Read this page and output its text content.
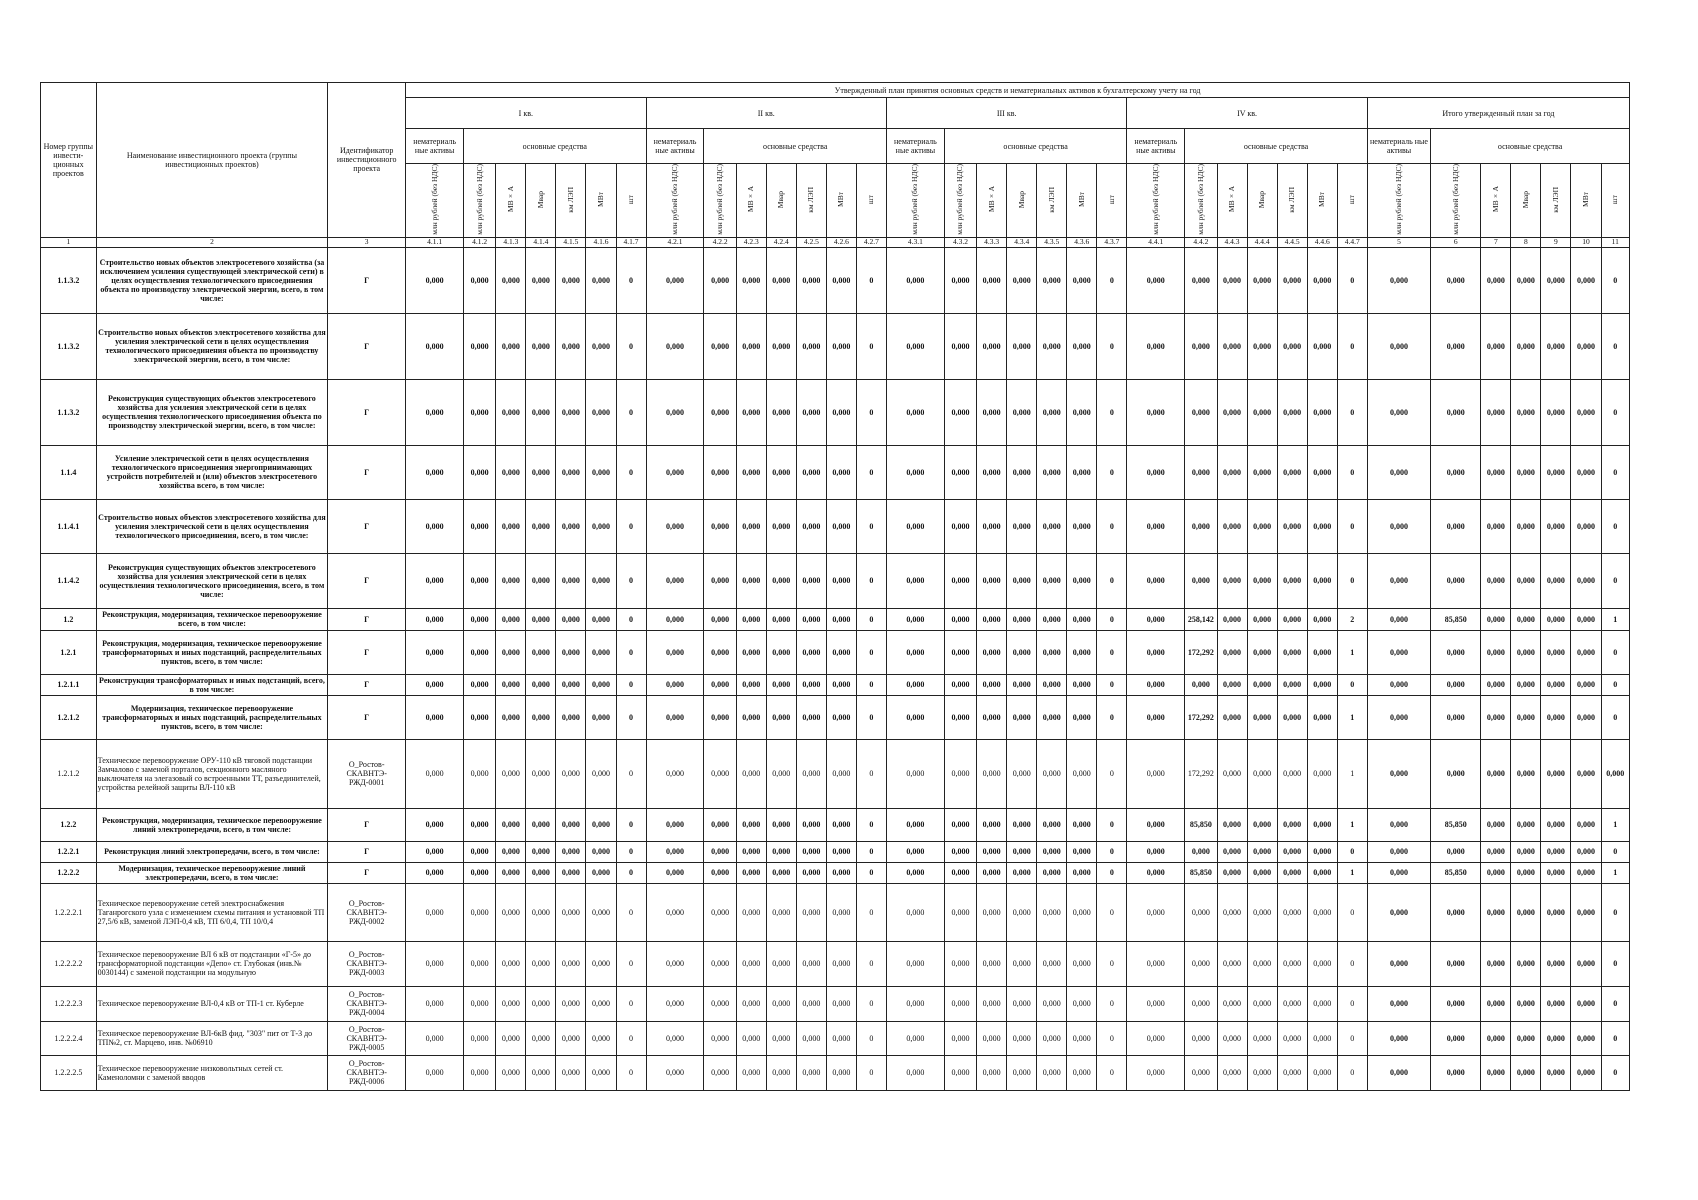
Номер группы инвести-ционных проектов	Наименование инвестиционного проекта (группы инвестиционных проектов)	Идентификатор инвестиционного проекта	Утвержденный план принятия основных средств и нематериальных активов к бухгалтерскому учету на год																																		
			I кв.							II кв.							III кв.							IV кв.							Итого утвержденный план за год						
			нематериаль ные активы	основные средства						нематериаль ные активы	основные средства						нематериаль ные активы	основные средства						нематериаль ные активы	основные средства						нематериаль ные активы	основные средства					
			млн рублей (без НДС)	млн рублей (без НДС)	МВ×А	Мвар	км ЛЭП	МВт	шт	млн рублей (без НДС)	млн рублей (без НДС)	МВ×А	Мвар	км ЛЭП	МВт	шт	млн рублей (без НДС)	млн рублей (без НДС)	МВ×А	Мвар	км ЛЭП	МВт	шт	млн рублей (без НДС)	млн рублей (без НДС)	МВ×А	Мвар	км ЛЭП	МВт	шт	млн рублей (без НДС)	млн рублей (без НДС)	МВ×А	Мвар	км ЛЭП	МВт	шт
1	2	3	4.1.1	4.1.2	4.1.3	4.1.4	4.1.5	4.1.6	4.1.7	4.2.1	4.2.2	4.2.3	4.2.4	4.2.5	4.2.6	4.2.7	4.3.1	4.3.2	4.3.3	4.3.4	4.3.5	4.3.6	4.3.7	4.4.1	4.4.2	4.4.3	4.4.4	4.4.5	4.4.6	4.4.7	5	6	7	8	9	10	11
1.1.3.2	Строительство новых объектов электросетевого хозяйства (за исключением усиления существующей электрической сети) в целях осуществления технологического присоединения объекта по производству электрической энергии, всего, в том числе:	Г	0,000	0,000	0,000	0,000	0,000	0,000	0	0,000	0,000	0,000	0,000	0,000	0,000	0	0,000	0,000	0,000	0,000	0,000	0,000	0	0,000	0,000	0,000	0,000	0,000	0,000	0	0,000	0,000	0,000	0,000	0,000	0,000	0
1.1.3.2	Строительство новых объектов электросетевого хозяйства для усиления электрической сети в целях осуществления технологического присоединения объекта по производству электрической энергии, всего, в том числе:	Г	0,000	0,000	0,000	0,000	0,000	0,000	0	0,000	0,000	0,000	0,000	0,000	0,000	0	0,000	0,000	0,000	0,000	0,000	0,000	0	0,000	0,000	0,000	0,000	0,000	0,000	0	0,000	0,000	0,000	0,000	0,000	0,000	0
1.1.3.2	Реконструкция существующих объектов электросетевого хозяйства для усиления электрической сети в целях осуществления технологического присоединения объекта по производству электрической энергии, всего, в том числе:	Г	0,000	0,000	0,000	0,000	0,000	0,000	0	0,000	0,000	0,000	0,000	0,000	0,000	0	0,000	0,000	0,000	0,000	0,000	0,000	0	0,000	0,000	0,000	0,000	0,000	0,000	0	0,000	0,000	0,000	0,000	0,000	0,000	0
1.1.4	Усиление электрической сети в целях осуществления технологического присоединения энергопринимающих устройств потребителей и (или) объектов электросетевого хозяйства всего, в том числе:	Г	0,000	0,000	0,000	0,000	0,000	0,000	0	0,000	0,000	0,000	0,000	0,000	0,000	0	0,000	0,000	0,000	0,000	0,000	0,000	0	0,000	0,000	0,000	0,000	0,000	0,000	0	0,000	0,000	0,000	0,000	0,000	0,000	0
1.1.4.1	Строительство новых объектов электросетевого хозяйства для усиления электрической сети в целях осуществления технологического присоединения, всего, в том числе:	Г	0,000	0,000	0,000	0,000	0,000	0,000	0	0,000	0,000	0,000	0,000	0,000	0,000	0	0,000	0,000	0,000	0,000	0,000	0,000	0	0,000	0,000	0,000	0,000	0,000	0,000	0	0,000	0,000	0,000	0,000	0,000	0,000	0
1.1.4.2	Реконструкция существующих объектов электросетевого хозяйства для усиления электрической сети в целях осуществления технологического присоединения, всего, в том числе:	Г	0,000	0,000	0,000	0,000	0,000	0,000	0	0,000	0,000	0,000	0,000	0,000	0,000	0	0,000	0,000	0,000	0,000	0,000	0,000	0	0,000	0,000	0,000	0,000	0,000	0,000	0	0,000	0,000	0,000	0,000	0,000	0,000	0
1.2	Реконструкция, модернизация, техническое перевооружение всего, в том числе:	Г	0,000	0,000	0,000	0,000	0,000	0,000	0	0,000	0,000	0,000	0,000	0,000	0,000	0	0,000	0,000	0,000	0,000	0,000	0,000	0	0,000	258,142	0,000	0,000	0,000	0,000	2	0,000	85,850	0,000	0,000	0,000	0,000	1
1.2.1	Реконструкция, модернизация, техническое перевооружение трансформаторных и иных подстанций, распределительных пунктов, всего, в том числе:	Г	0,000	0,000	0,000	0,000	0,000	0,000	0	0,000	0,000	0,000	0,000	0,000	0,000	0	0,000	0,000	0,000	0,000	0,000	0,000	0	0,000	172,292	0,000	0,000	0,000	0,000	1	0,000	0,000	0,000	0,000	0,000	0,000	0
1.2.1.1	Реконструкция трансформаторных и иных подстанций, всего, в том числе:	Г	0,000	0,000	0,000	0,000	0,000	0,000	0	0,000	0,000	0,000	0,000	0,000	0,000	0	0,000	0,000	0,000	0,000	0,000	0,000	0	0,000	0,000	0,000	0,000	0,000	0,000	0	0,000	0,000	0,000	0,000	0,000	0,000	0
1.2.1.2	Модернизация, техническое перевооружение трансформаторных и иных подстанций, распределительных пунктов, всего, в том числе:	Г	0,000	0,000	0,000	0,000	0,000	0,000	0	0,000	0,000	0,000	0,000	0,000	0,000	0	0,000	0,000	0,000	0,000	0,000	0,000	0	0,000	172,292	0,000	0,000	0,000	0,000	1	0,000	0,000	0,000	0,000	0,000	0,000	0
1.2.1.2	Техническое перевооружение ОРУ-110 кВ тяговой подстанции Замчалово с заменой порталов, секционного масляного выключателя на элегазовый со встроенными ТТ, разъединителей, устройства релейной защиты ВЛ-110 кВ	О_Ростов-СКАВНТЭ-РЖД-0001	0,000	0,000	0,000	0,000	0,000	0,000	0	0,000	0,000	0,000	0,000	0,000	0,000	0	0,000	0,000	0,000	0,000	0,000	0,000	0	0,000	172,292	0,000	0,000	0,000	0,000	1	0,000	0,000	0,000	0,000	0,000	0,000	0,000
1.2.2	Реконструкция, модернизация, техническое перевооружение линий электропередачи, всего, в том числе:	Г	0,000	0,000	0,000	0,000	0,000	0,000	0	0,000	0,000	0,000	0,000	0,000	0,000	0	0,000	0,000	0,000	0,000	0,000	0,000	0	0,000	85,850	0,000	0,000	0,000	0,000	1	0,000	85,850	0,000	0,000	0,000	0,000	1
1.2.2.1	Реконструкция линий электропередачи, всего, в том числе:	Г	0,000	0,000	0,000	0,000	0,000	0,000	0	0,000	0,000	0,000	0,000	0,000	0,000	0	0,000	0,000	0,000	0,000	0,000	0,000	0	0,000	0,000	0,000	0,000	0,000	0,000	0	0,000	0,000	0,000	0,000	0,000	0,000	0
1.2.2.2	Модернизация, техническое перевооружение линий электропередачи, всего, в том числе:	Г	0,000	0,000	0,000	0,000	0,000	0,000	0	0,000	0,000	0,000	0,000	0,000	0,000	0	0,000	0,000	0,000	0,000	0,000	0,000	0	0,000	85,850	0,000	0,000	0,000	0,000	1	0,000	85,850	0,000	0,000	0,000	0,000	1
1.2.2.2.1	Техническое перевооружение сетей электроснабжения Таганрогского узла с изменением схемы питания и установкой ТП 27,5/6 кВ, заменой ЛЭП-0,4 кВ, ТП 6/0,4, ТП 10/0,4	О_Ростов-СКАВНТЭ-РЖД-0002	0,000	0,000	0,000	0,000	0,000	0,000	0	0,000	0,000	0,000	0,000	0,000	0,000	0	0,000	0,000	0,000	0,000	0,000	0,000	0	0,000	0,000	0,000	0,000	0,000	0,000	0	0,000	0,000	0,000	0,000	0,000	0,000	0
1.2.2.2.2	Техническое перевооружение ВЛ 6 кВ от подстанции «Г-5» до трансформаторной подстанции «Депо» ст. Глубокая (инв.№ 0030144) с заменой подстанции на модульную	О_Ростов-СКАВНТЭ-РЖД-0003	0,000	0,000	0,000	0,000	0,000	0,000	0	0,000	0,000	0,000	0,000	0,000	0,000	0	0,000	0,000	0,000	0,000	0,000	0,000	0	0,000	0,000	0,000	0,000	0,000	0,000	0	0,000	0,000	0,000	0,000	0,000	0,000	0
1.2.2.2.3	Техническое перевооружение ВЛ-0,4 кВ от ТП-1 ст. Куберле	О_Ростов-СКАВНТЭ-РЖД-0004	0,000	0,000	0,000	0,000	0,000	0,000	0	0,000	0,000	0,000	0,000	0,000	0,000	0	0,000	0,000	0,000	0,000	0,000	0,000	0	0,000	0,000	0,000	0,000	0,000	0,000	0	0,000	0,000	0,000	0,000	0,000	0,000	0
1.2.2.2.4	Техническое перевооружение ВЛ-6кВ фид. "303" пит от Т-3 до ТП№2, ст. Марцево, инв. №06910	О_Ростов-СКАВНТЭ-РЖД-0005	0,000	0,000	0,000	0,000	0,000	0,000	0	0,000	0,000	0,000	0,000	0,000	0,000	0	0,000	0,000	0,000	0,000	0,000	0,000	0	0,000	0,000	0,000	0,000	0,000	0,000	0	0,000	0,000	0,000	0,000	0,000	0,000	0
1.2.2.2.5	Техническое перевооружение низковольтных сетей ст. Каменоломни с заменой вводов	О_Ростов-СКАВНТЭ-РЖД-0006	0,000	0,000	0,000	0,000	0,000	0,000	0	0,000	0,000	0,000	0,000	0,000	0,000	0	0,000	0,000	0,000	0,000	0,000	0,000	0	0,000	0,000	0,000	0,000	0,000	0,000	0	0,000	0,000	0,000	0,000	0,000	0,000	0
